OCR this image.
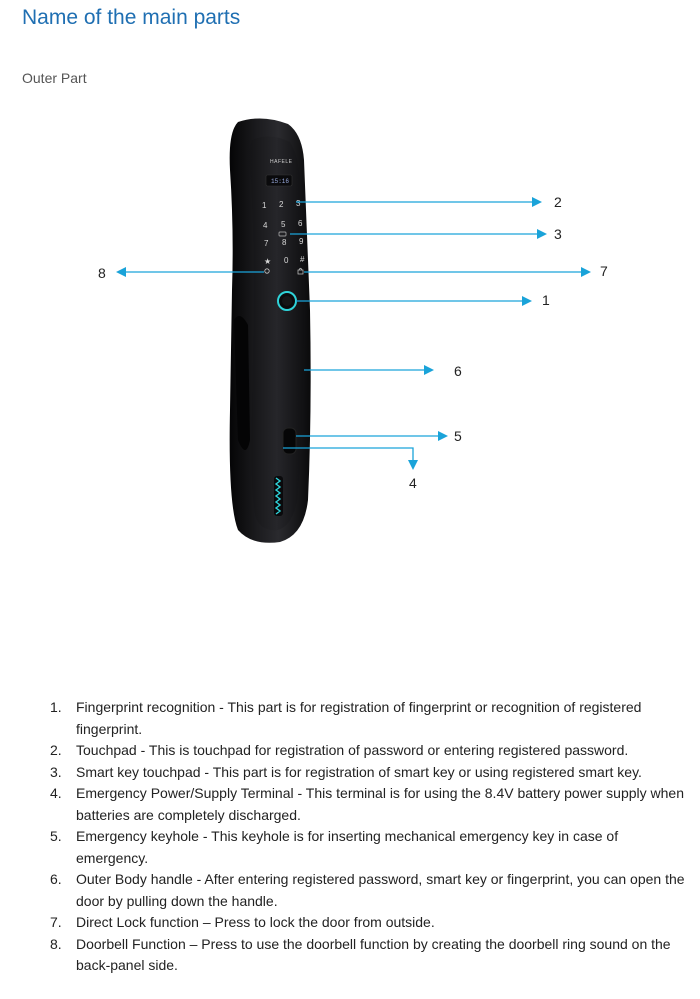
Name of the main parts
Outer Part
HAFELE
15:16
1 2 3
4 5 6
7 8 9
★ 0 #
2
3
7
8
1
6
5
4
1.	Fingerprint recognition - This part is for registration of fingerprint or recognition of registered fingerprint.
2.	Touchpad - This is touchpad for registration of password or entering registered password.
3.	Smart key touchpad - This part is for registration of smart key or using registered smart key.
4.	Emergency Power/Supply Terminal - This terminal is for using the 8.4V battery power supply when batteries are completely discharged.
5.	Emergency keyhole - This keyhole is for inserting mechanical emergency key in case of emergency.
6.	Outer Body handle - After entering registered password, smart key or fingerprint, you can open the door by pulling down the handle.
7.	Direct Lock function – Press to lock the door from outside.
8.	Doorbell Function – Press to use the doorbell function by creating the doorbell ring sound on the back-panel side.
